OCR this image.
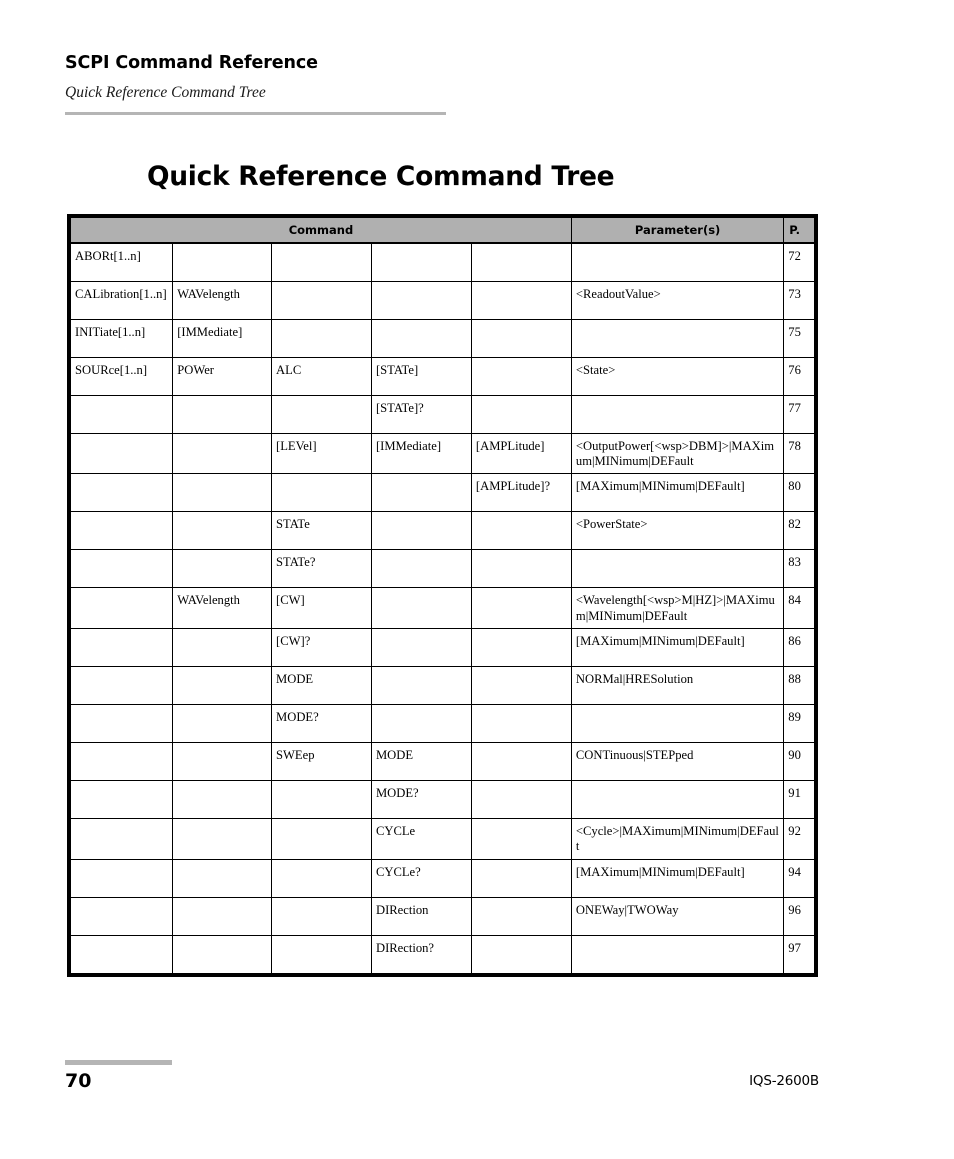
SCPI Command Reference
Quick Reference Command Tree
Quick Reference Command Tree
Command					Parameter(s)	P.
ABORt[1..n]						72
CALibration[1..n]	WAVelength				<ReadoutValue>	73
INITiate[1..n]	[IMMediate]					75
SOURce[1..n]	POWer	ALC	[STATe]		<State>	76
			[STATe]?			77
		[LEVel]	[IMMediate]	[AMPLitude]	<OutputPower[<wsp>DBM]>|MAXimum|MINimum|DEFault	78
				[AMPLitude]?	[MAXimum|MINimum|DEFault]	80
		STATe			<PowerState>	82
		STATe?				83
	WAVelength	[CW]			<Wavelength[<wsp>M|HZ]>|MAXimum|MINimum|DEFault	84
		[CW]?			[MAXimum|MINimum|DEFault]	86
		MODE			NORMal|HRESolution	88
		MODE?				89
		SWEep	MODE		CONTinuous|STEPped	90
			MODE?			91
			CYCLe		<Cycle>|MAXimum|MINimum|DEFault	92
			CYCLe?		[MAXimum|MINimum|DEFault]	94
			DIRection		ONEWay|TWOWay	96
			DIRection?			97
70	IQS-2600B
